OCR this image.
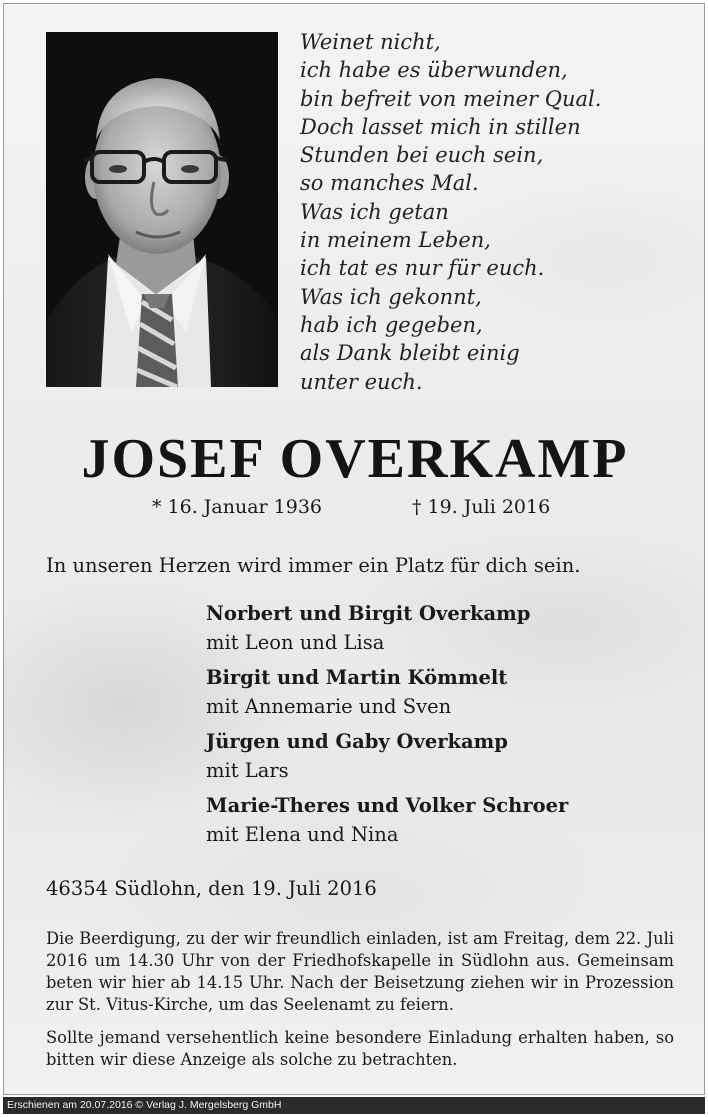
Weinet nicht,
ich habe es überwunden,
bin befreit von meiner Qual.
Doch lasset mich in stillen
Stunden bei euch sein,
so manches Mal.
Was ich getan
in meinem Leben,
ich tat es nur für euch.
Was ich gekonnt,
hab ich gegeben,
als Dank bleibt einig
unter euch.
JOSEF OVERKAMP
* 16. Januar 1936	† 19. Juli 2016
In unseren Herzen wird immer ein Platz für dich sein.
Norbert und Birgit Overkamp
mit Leon und Lisa
Birgit und Martin Kömmelt
mit Annemarie und Sven
Jürgen und Gaby Overkamp
mit Lars
Marie-Theres und Volker Schroer
mit Elena und Nina
46354 Südlohn, den 19. Juli 2016

Die Beerdigung, zu der wir freundlich einladen, ist am Freitag, dem 22. Juli 2016 um 14.30 Uhr von der Friedhofskapelle in Südlohn aus. Gemeinsam beten wir hier ab 14.15 Uhr. Nach der Beisetzung ziehen wir in Prozession zur St. Vitus-Kirche, um das Seelenamt zu feiern.

Sollte jemand versehentlich keine besondere Einladung erhalten haben, so bitten wir diese Anzeige als solche zu betrachten.

Erschienen am 20.07.2016 © Verlag J. Mergelsberg GmbH
